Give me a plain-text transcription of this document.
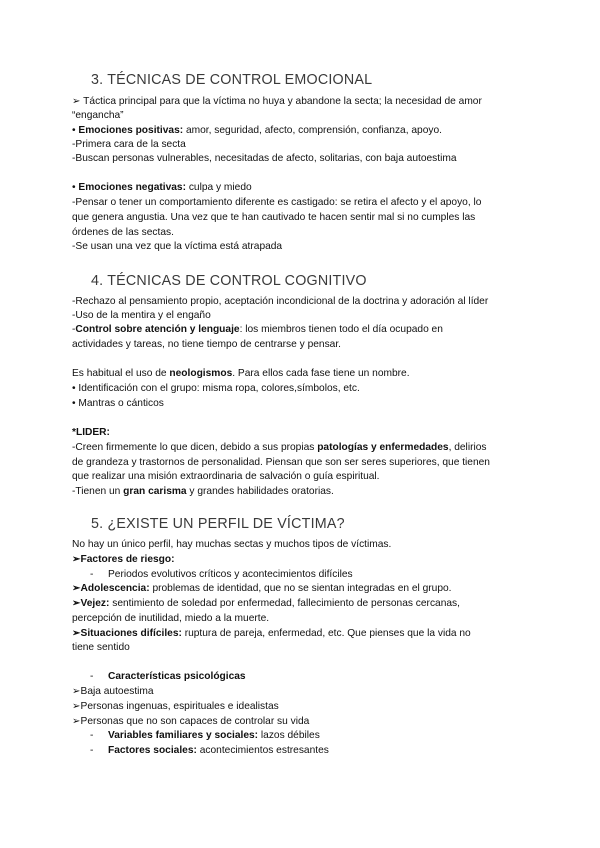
3. TÉCNICAS DE CONTROL EMOCIONAL
➢ Táctica principal para que la víctima no huya y abandone la secta; la necesidad de amor
“engancha”
• Emociones positivas: amor, seguridad, afecto, comprensión, confianza, apoyo.
-Primera cara de la secta
-Buscan personas vulnerables, necesitadas de afecto, solitarias, con baja autoestima
• Emociones negativas: culpa y miedo
-Pensar o tener un comportamiento diferente es castigado: se retira el afecto y el apoyo, lo
que genera angustia. Una vez que te han cautivado te hacen sentir mal si no cumples las
órdenes de las sectas.
-Se usan una vez que la víctima está atrapada
4. TÉCNICAS DE CONTROL COGNITIVO
-Rechazo al pensamiento propio, aceptación incondicional de la doctrina y adoración al líder
-Uso de la mentira y el engaño
-Control sobre atención y lenguaje: los miembros tienen todo el día ocupado en
actividades y tareas, no tiene tiempo de centrarse y pensar.
Es habitual el uso de neologismos. Para ellos cada fase tiene un nombre.
• Identificación con el grupo: misma ropa, colores,símbolos, etc.
• Mantras o cánticos
*LIDER:
-Creen firmemente lo que dicen, debido a sus propias patologías y enfermedades, delirios
de grandeza y trastornos de personalidad. Piensan que son ser seres superiores, que tienen
que realizar una misión extraordinaria de salvación o guía espiritual.
-Tienen un gran carisma y grandes habilidades oratorias.
5. ¿EXISTE UN PERFIL DE VÍCTIMA?
No hay un único perfil, hay muchas sectas y muchos tipos de víctimas.
➢Factores de riesgo:
- Periodos evolutivos críticos y acontecimientos difíciles
➢Adolescencia: problemas de identidad, que no se sientan integradas en el grupo.
➢Vejez: sentimiento de soledad por enfermedad, fallecimiento de personas cercanas,
percepción de inutilidad, miedo a la muerte.
➢Situaciones difíciles: ruptura de pareja, enfermedad, etc. Que pienses que la vida no
tiene sentido
- Características psicológicas
➢Baja autoestima
➢Personas ingenuas, espirituales e idealistas
➢Personas que no son capaces de controlar su vida
- Variables familiares y sociales: lazos débiles
- Factores sociales: acontecimientos estresantes
